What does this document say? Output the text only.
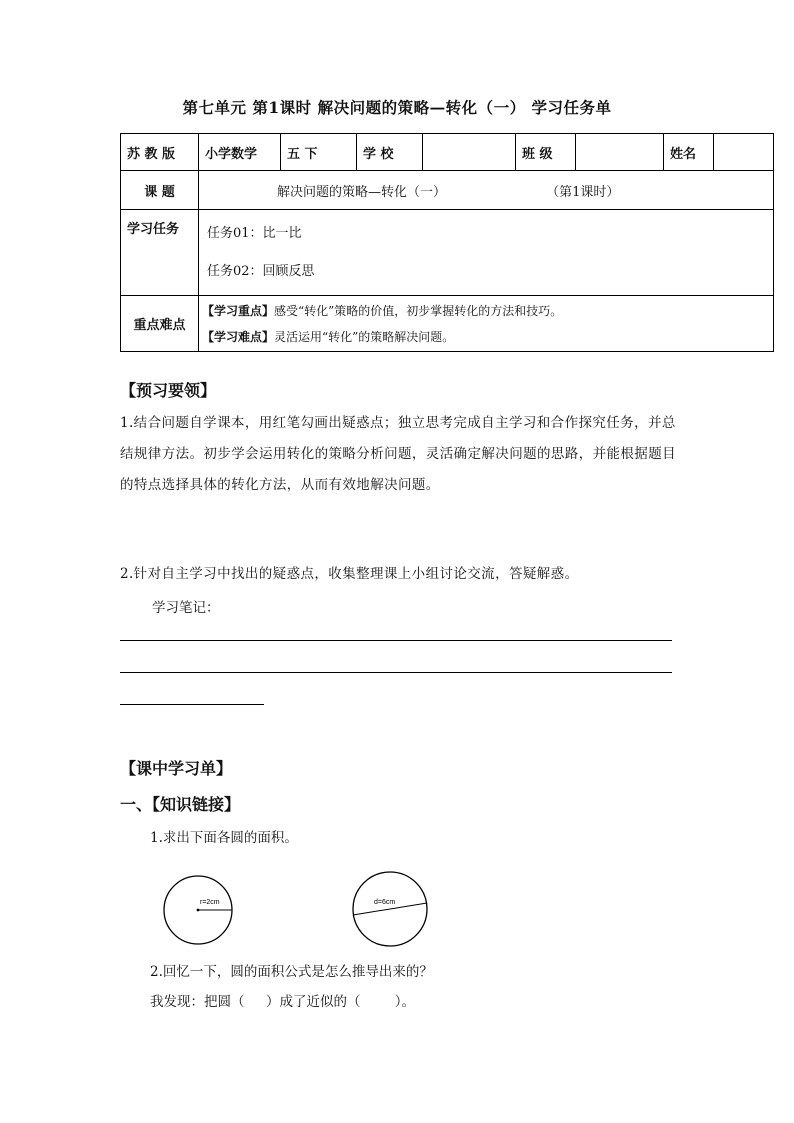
第七单元 第1课时 解决问题的策略—转化（一） 学习任务单
苏 教 版	小学数学	五 下	学 校		班 级		姓名	
课 题	解决问题的策略—转化（一） （第1课时）							
学习任务	任务01：比一比
任务02：回顾反思							

重点难点	【学习重点】感受“转化”策略的价值，初步掌握转化的方法和技巧。
【学习难点】灵活运用“转化”的策略解决问题。							
【预习要领】
1.结合问题自学课本，用红笔勾画出疑惑点；独立思考完成自主学习和合作探究任务，并总结规律方法。初步学会运用转化的策略分析问题，灵活确定解决问题的思路，并能根据题目的特点选择具体的转化方法，从而有效地解决问题。
2.针对自主学习中找出的疑惑点，收集整理课上小组讨论交流，答疑解惑。
学习笔记：
【课中学习单】
一、【知识链接】
1.求出下面各圆的面积。
r=2cm	d=6cm
2.回忆一下，圆的面积公式是怎么推导出来的？
我发现：把圆（     ）成了近似的（        ）。
